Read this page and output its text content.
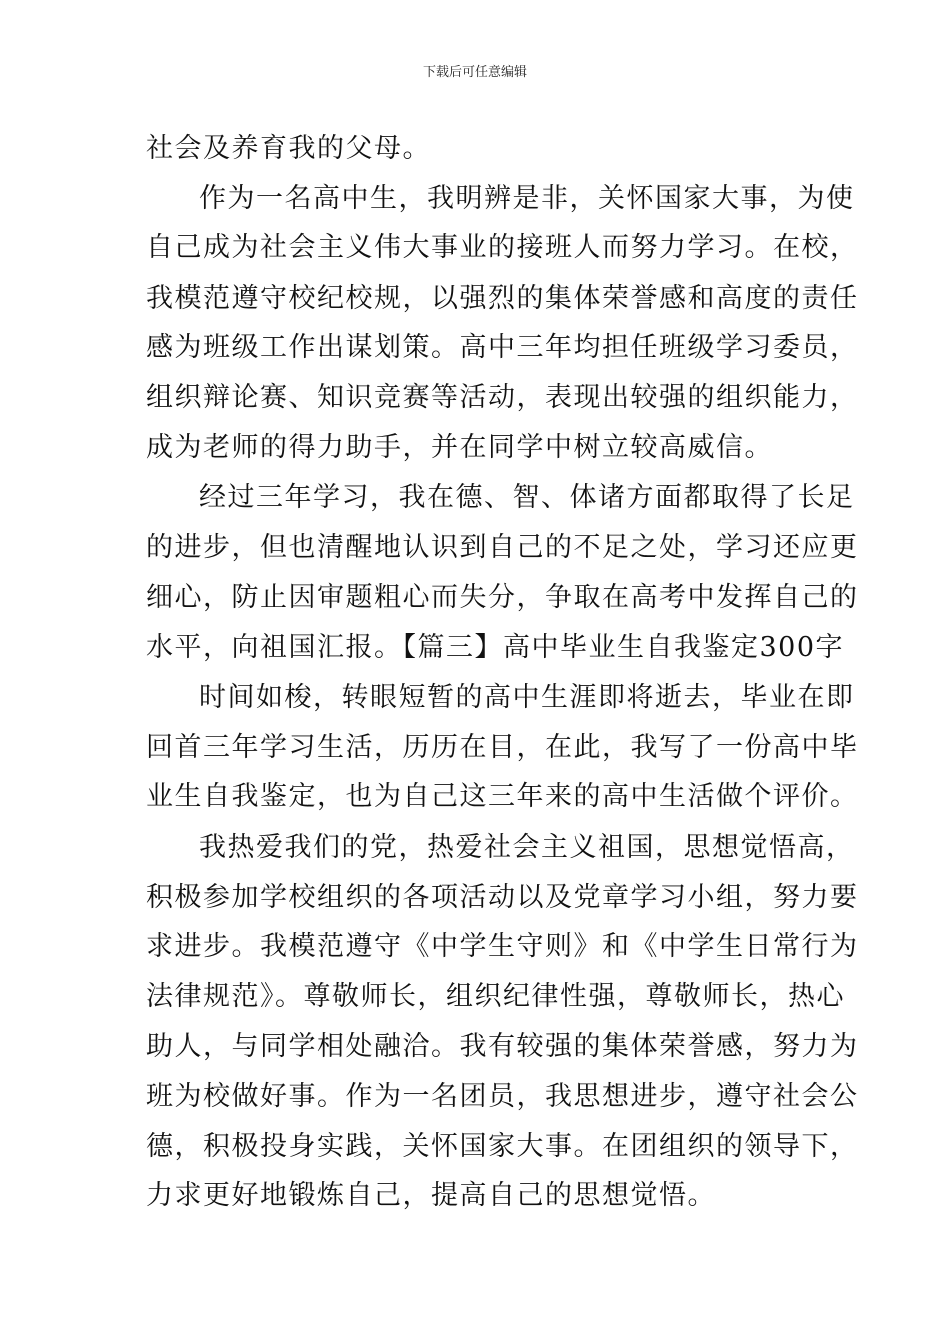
下载后可任意编辑
社会及养育我的父母。
作为一名高中生，我明辨是非，关怀国家大事，为使
自己成为社会主义伟大事业的接班人而努力学习。在校，
我模范遵守校纪校规，以强烈的集体荣誉感和高度的责任
感为班级工作出谋划策。高中三年均担任班级学习委员，
组织辩论赛、知识竞赛等活动，表现出较强的组织能力，
成为老师的得力助手，并在同学中树立较高威信。
经过三年学习，我在德、智、体诸方面都取得了长足
的进步，但也清醒地认识到自己的不足之处，学习还应更
细心，防止因审题粗心而失分，争取在高考中发挥自己的
水平，向祖国汇报。【篇三】高中毕业生自我鉴定300字
时间如梭，转眼短暂的高中生涯即将逝去，毕业在即
回首三年学习生活，历历在目，在此，我写了一份高中毕
业生自我鉴定，也为自己这三年来的高中生活做个评价。
我热爱我们的党，热爱社会主义祖国，思想觉悟高，
积极参加学校组织的各项活动以及党章学习小组，努力要
求进步。我模范遵守《中学生守则》和《中学生日常行为
法律规范》。尊敬师长，组织纪律性强，尊敬师长，热心
助人，与同学相处融洽。我有较强的集体荣誉感，努力为
班为校做好事。作为一名团员，我思想进步，遵守社会公
德，积极投身实践，关怀国家大事。在团组织的领导下，
力求更好地锻炼自己，提高自己的思想觉悟。
